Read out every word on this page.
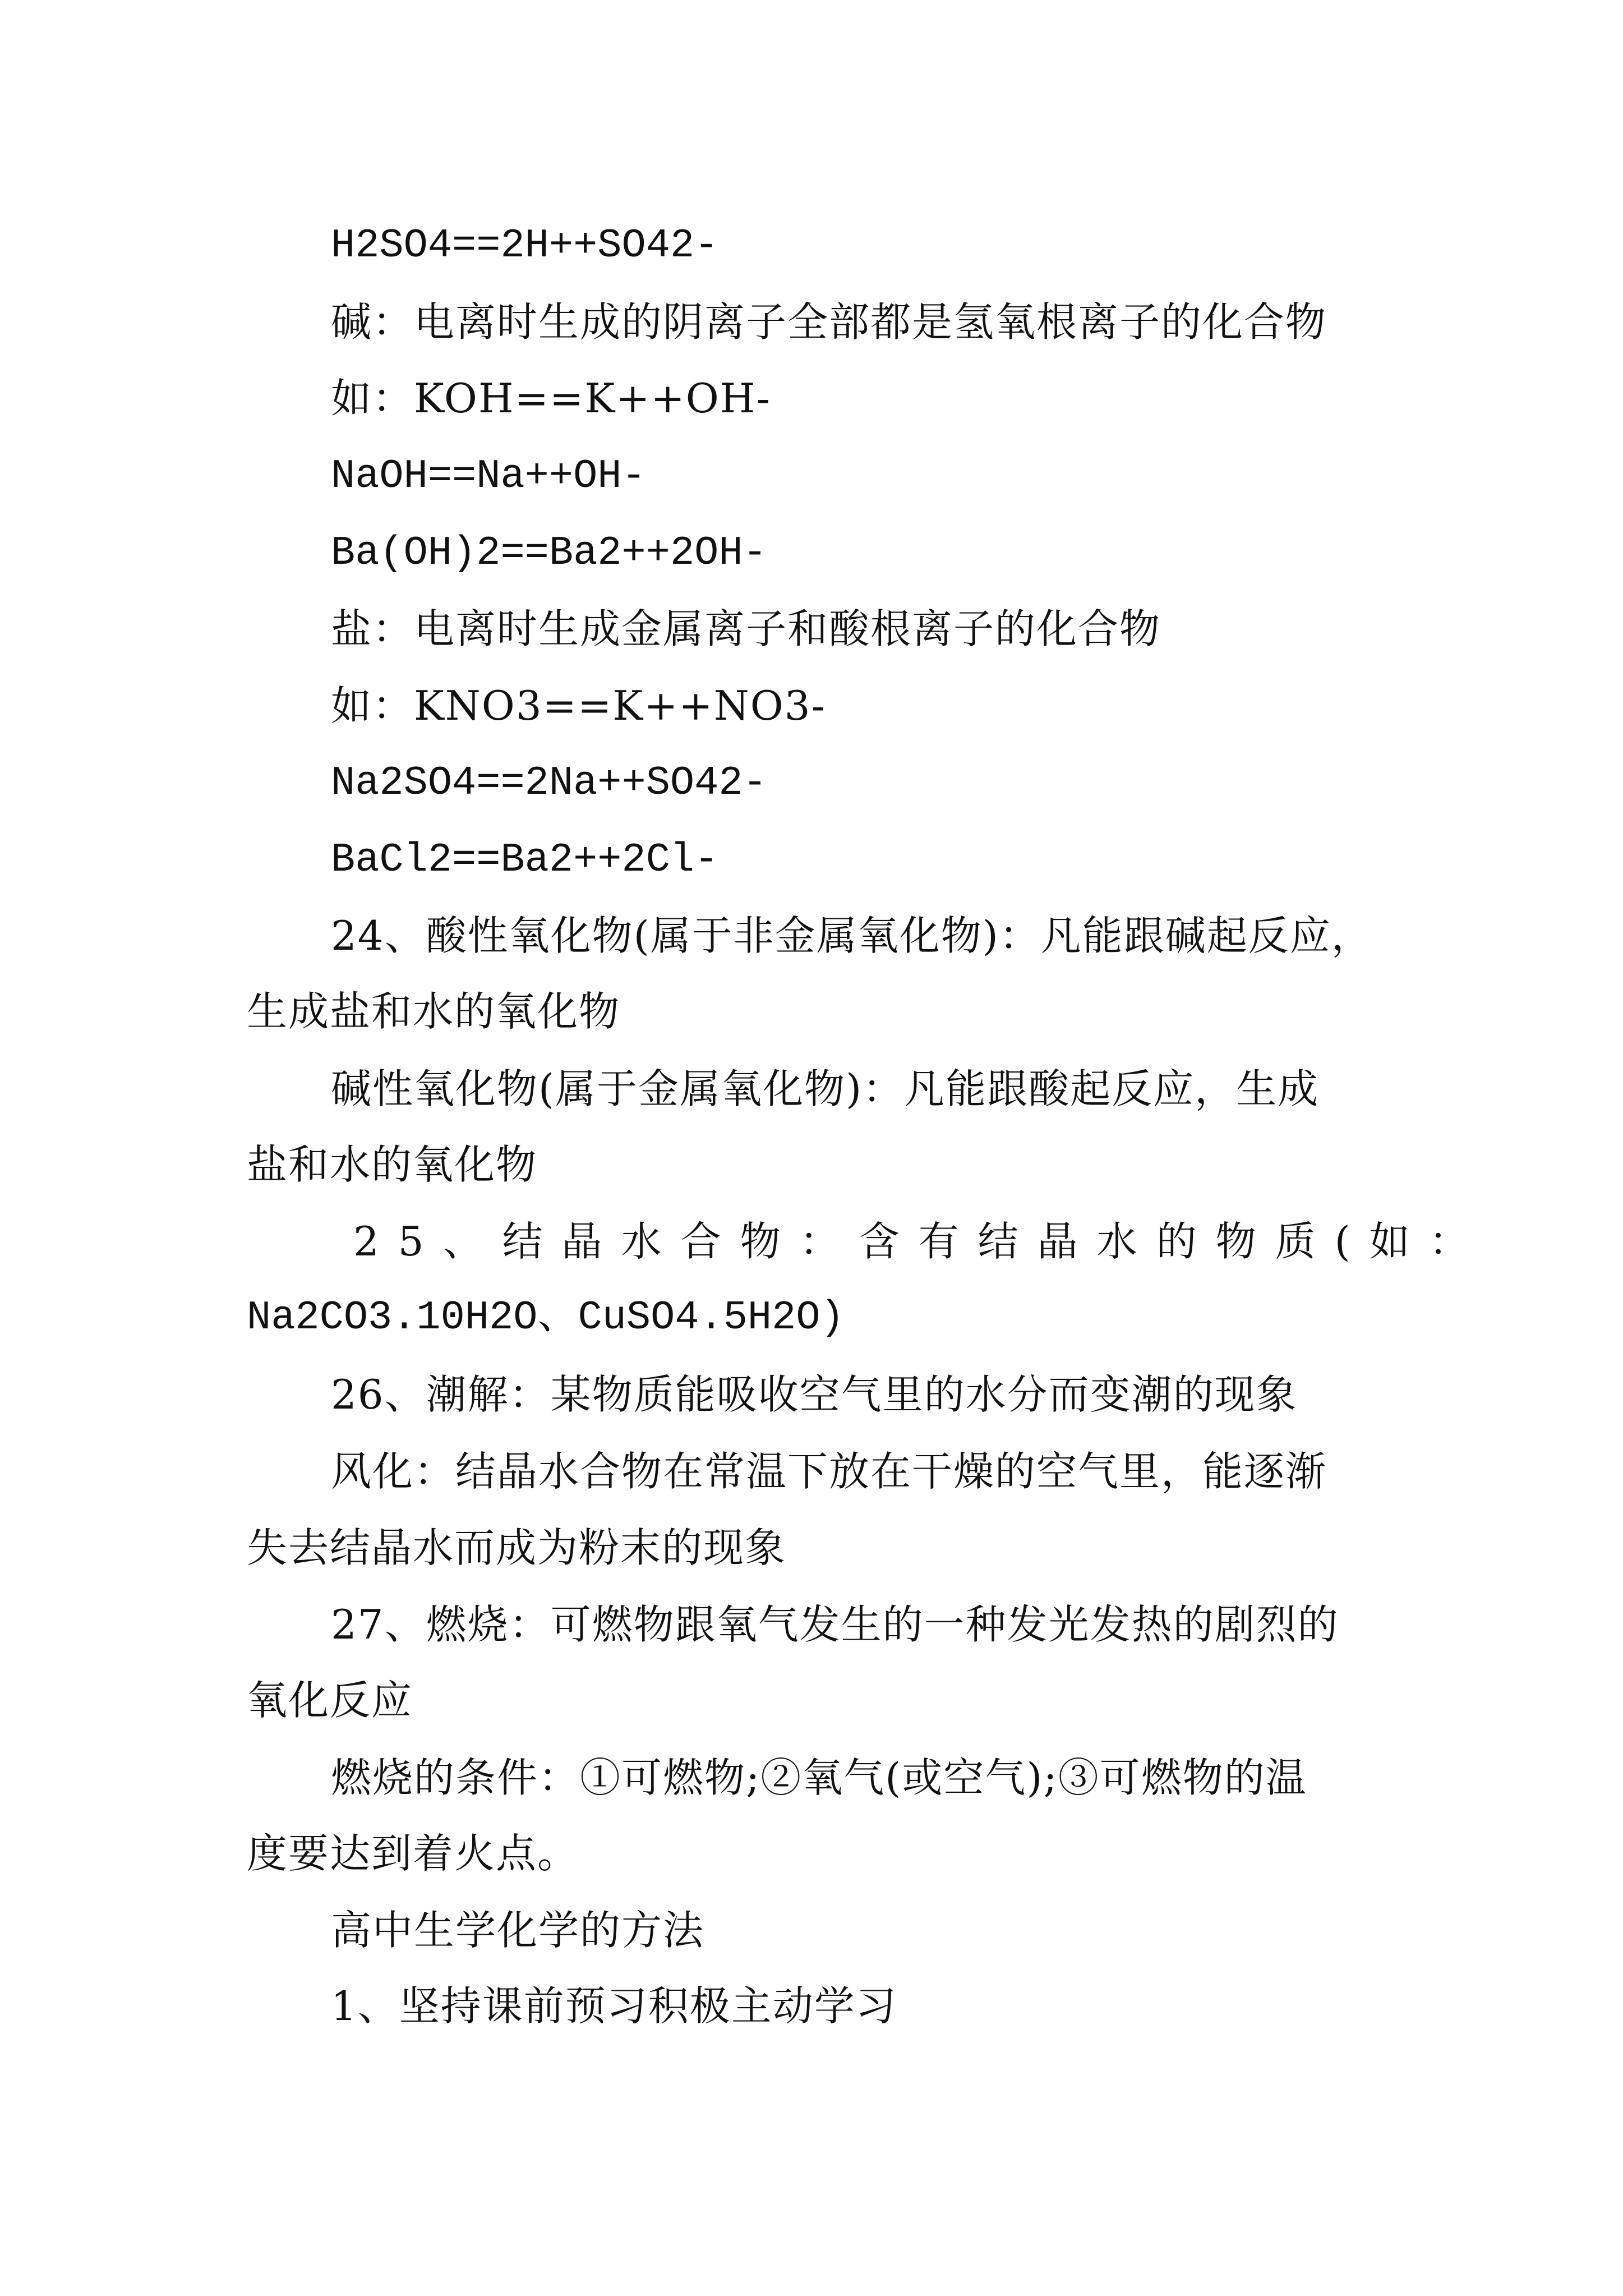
H2SO4==2H++SO42-

碱：电离时生成的阴离子全部都是氢氧根离子的化合物

如：KOH==K++OH-

NaOH==Na++OH-

Ba(OH)2==Ba2++2OH-

盐：电离时生成金属离子和酸根离子的化合物

如：KNO3==K++NO3-

Na2SO4==2Na++SO42-

BaCl2==Ba2++2Cl-

24、酸性氧化物(属于非金属氧化物)：凡能跟碱起反应，

生成盐和水的氧化物

碱性氧化物(属于金属氧化物)：凡能跟酸起反应，生成

盐和水的氧化物

25、结晶水合物：含有结晶水的物质(如：

Na2CO3.10H2O、CuSO4.5H2O)

26、潮解：某物质能吸收空气里的水分而变潮的现象

风化：结晶水合物在常温下放在干燥的空气里，能逐渐

失去结晶水而成为粉末的现象

27、燃烧：可燃物跟氧气发生的一种发光发热的剧烈的

氧化反应

燃烧的条件：①可燃物;②氧气(或空气);③可燃物的温

度要达到着火点。

高中生学化学的方法

1、坚持课前预习积极主动学习
